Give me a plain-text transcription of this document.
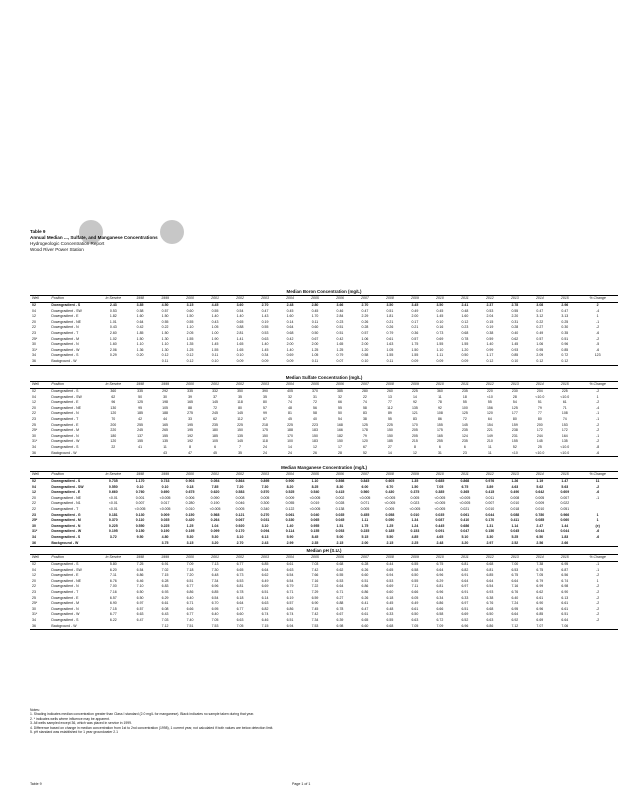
Table 9
Annual Median ..., Sulfate, and Manganese Concentrations
Hydrogeologic Concentration Report
Wood River Power Station
Median Boron Concentration (mg/L)
Well	Position	In Service	1998	1999	2000	2001	2002	2003	2004	2005	2006	2007	2008	2009	2010	2011	2012	2013	2014	2015	% Change
02	Downgradient - S	2.43	3.85	4.50	3.15	4.45	3.60	2.70	2.48	2.80	3.66	2.70	3.50	3.45	3.50	2.41	2.37	2.78	3.08	2.96	2
04	Downgradient - SW	0.53	0.58	0.57	0.60	0.55	0.54	0.47	0.45	0.45	0.46	0.47	0.51	0.49	0.45	0.48	0.53	0.55	0.47	0.47	-4
12	Downgradient - E	1.82	1.60	1.50	1.50	1.40	1.40	1.43	1.60	1.70	2.84	2.29	1.81	2.00	1.45	1.60	2.04	2.20	3.12	3.13	1
20	Downgradient - NE	1.01	0.64	0.55	0.55	0.43	0.65	0.19	0.14	0.11	0.23	0.26	0.21	0.17	0.10	0.12	0.15	0.31	0.22	0.25	-1
22	Downgradient - N	0.43	0.42	0.22	1.10	1.05	0.88	0.55	0.64	0.60	0.51	0.28	0.26	0.21	0.16	0.23	0.19	0.28	0.27	0.30	-2
23	Downgradient - T	2.60	1.85	1.50	2.05	1.00	2.81	0.53	0.68	0.50	0.51	0.57	0.79	0.36	0.73	0.68	0.38	0.40	0.49	0.35	-6
25*	Downgradient - M	1.02	1.50	1.30	1.55	1.90	1.41	0.63	0.42	0.67	0.42	1.06	0.61	0.57	0.69	0.78	0.59	0.62	0.57	0.51	-2
30	Downgradient - N	1.60	1.10	1.10	1.35	1.45	1.65	1.40	2.00	2.00	1.65	2.00	1.63	1.75	1.55	1.55	1.40	1.45	1.06	0.96	-5
31*	Downgradient - W	2.06	1.36	1.30	1.25	1.55	1.65	1.45	1.40	1.25	1.25	1.20	1.05	1.50	1.10	1.20	0.99	0.93	0.95	0.85	-6
34	Downgradient - S	0.29	0.20	0.12	0.12	0.11	0.10	0.34	0.69	1.05	0.79	0.58	1.55	1.55	1.11	0.50	1.17	0.85	2.09	0.72	123
36	Background - W			0.11	0.12	0.10	0.09	0.09	0.09	0.11	0.07	0.10	0.11	0.09	0.09	0.09	0.12	0.10	0.12	0.12	
Median Sulfate Concentration (mg/L)
Well	Position	In Service	1998	1999	2000	2001	2002	2003	2004	2005	2006	2007	2008	2009	2010	2011	2012	2013	2014	2015	% Change
02	Downgradient - S	360	335	292	335	332	350	390	405	370	385	280	260	225	360	235	220	230	204	225	-2
04	Downgradient - SW	62	50	30	39	37	35	35	32	31	32	22	13	14	11	18	<10	28	<10.0	<10.0	1
12	Downgradient - E	96	125	198	165	145	118	80	74	72	66	74	77	92	78	55	55	54	51	61	-2
20	Downgradient - NE	130	95	105	88	72	80	57	48	56	55	58	112	135	92	100	156	125	79	71	-4
22	Downgradient - N	120	185	188	275	245	145	99	81	58	50	83	89	121	108	125	120	177	77	108	-1
23	Downgradient - T	70	42	44	33	62	112	67	45	40	54	38	55	83	86	72	64	80	80	74	-1
25	Downgradient - E	200	255	165	195	235	225	218	225	223	168	125	225	170	155	145	154	159	200	153	-2
25*	Downgradient - M	220	245	265	195	180	150	175	188	183	166	178	150	205	175	235	221	238	172	172	-2
30	Downgradient - N	180	137	155	192	185	135	150	170	150	182	79	150	205	165	124	149	231	244	164	-1
31*	Downgradient - W	120	155	135	192	105	145	118	100	183	150	120	185	215	255	235	210	155	145	135	-2
34	Downgradient - S	22	41	11	8	6	7	24	14	12	17	67	27	8	6	6	11	52	25	<10.0	-8
36	Background - W			43	47	45	35	24	24	26	28	52	14	12	31	23	11	<10	<10.0	<10.0	-6
Median Manganese Concentration (mg/L)
Well	Position	In Service	1998	1999	2000	2001	2002	2003	2004	2005	2006	2007	2008	2009	2010	2011	2012	2013	2014	2015	% Change
02	Downgradient - S	0.735	1.170	0.733	0.903	0.054	0.864	0.895	0.900	1.10	0.898	0.845	0.605	1.35	0.685	0.868	0.976	1.26	1.19	1.47	11
04	Downgradient - SW	0.550	0.10	0.10	0.18	7.85	7.20	7.30	8.20	8.25	8.30	6.00	6.70	1.50	7.05	6.75	3.89	4.63	5.62	5.63	-2
12	Downgradient - E	0.660	0.760	0.690	0.675	0.620	0.583	0.570	0.525	0.540	0.415	0.560	0.430	0.375	0.385	0.365	0.415	0.490	0.642	0.609	-6
20	Downgradient - NE	<0.01	0.001	<0.005	0.006	0.090	0.008	0.005	0.009	<0.005	0.002	<0.005	<0.005	0.005	<0.005	<0.005	0.011	0.008	0.005	0.007	-1
22	Downgradient - N1	<0.01	0.007	0.017	0.280	0.190	0.046	0.300	0.055	0.019	0.028	0.071	<0.005	0.023	<0.005	<0.005	0.007	0.010	0.009	0.022	
22	Downgradient - T	<0.01	<0.005	<0.005	0.010	<0.005	0.005	0.340	0.122	<0.005	0.138	0.005	0.005	<0.005	<0.005	0.021	0.010	0.018	0.010	0.051	
23	Downgradient - G	0.181	0.130	0.009	0.150	0.568	0.121	0.270	0.061	0.040	0.035	0.455	0.058	0.010	0.035	0.061	0.044	0.088	0.780	0.966	1
25*	Downgradient - M	0.370	0.110	0.035	0.420	0.264	0.067	0.031	0.330	0.065	0.045	1.11	0.050	1.34	0.087	0.410	0.170	0.411	0.085	0.060	1
30	Downgradient - N	0.225	0.550	0.225	1.25	1.04	0.920	3.10	1.40	0.955	1.51	1.75	1.25	1.24	0.445	0.686	1.31	1.14	2.47	1.44	(e)
31*	Downgradient - W	0.195	0.150	0.190	0.195	0.099	0.170	0.094	0.114	0.155	0.053	0.235	0.185	0.153	0.091	0.047	0.150	0.045	0.044	0.044	-6
34	Downgradient - S	3.72	9.50	4.80	5.30	5.30	3.10	6.13	5.90	8.45	5.00	5.15	5.50	4.85	4.65	5.10	3.30	5.25	6.50	1.83	-6
36	Background - W			3.75	3.15	3.20	2.70	2.43	2.99	2.35	2.15	2.00	2.15	2.25	2.48	3.20	2.97	2.52	2.56	2.66	
Median pH (S.U.)
Well	Position	In Service	1998	1999	2000	2001	2002	2003	2004	2005	2006	2007	2008	2009	2010	2011	2012	2013	2014	2015	% Change
02	Downgradient - S	5.80	7.25	6.91	7.09	7.13	6.77	6.85	6.61	7.03	6.68	6.28	6.44	6.55	6.75	6.81	6.68	7.00	7.38	6.95	-1
04	Downgradient - SW	6.20	6.54	7.02	7.18	7.30	6.65	6.64	6.63	7.42	6.62	6.26	6.65	6.58	6.64	6.82	6.81	6.53	6.75	6.87	-1
12	Downgradient - E	7.11	6.86	7.15	7.20	6.48	6.73	6.62	6.54	7.66	6.55	6.60	6.94	6.50	6.96	6.91	6.85	6.75	7.05	6.56	-2
20	Downgradient - NE	6.76	6.46	6.28	6.51	7.34	6.53	6.49	6.54	7.16	6.53	6.51	6.53	6.55	6.29	6.64	6.64	6.64	6.79	6.74	1
22	Downgradient - N	7.00	7.10	6.83	6.77	6.96	6.81	6.69	6.79	7.22	6.64	6.86	6.69	7.11	6.81	6.97	6.54	7.16	6.99	6.98	-2
23	Downgradient - T	7.16	6.50	6.93	6.86	6.85	6.78	6.51	6.71	7.29	6.71	6.86	6.60	6.66	6.96	6.91	6.93	6.76	6.62	6.90	-2
25	Downgradient - E	6.57	6.50	6.29	6.40	6.54	6.18	6.14	6.19	6.59	6.27	6.26	6.18	6.05	6.34	6.33	6.38	6.40	6.61	6.13	-2
25*	Downgradient - M	6.90	6.97	6.61	6.71	6.70	6.64	6.63	6.57	6.90	6.88	6.41	6.45	6.49	6.86	6.97	6.76	7.24	6.90	6.61	-2
30	Downgradient - N	7.15	6.57	6.08	6.66	6.95	6.77	6.82	6.86	7.45	6.78	6.47	6.48	6.61	6.66	6.51	6.68	6.95	6.96	6.61	-2
31*	Downgradient - W	6.77	6.63	6.43	6.77	6.40	6.60	6.74	6.74	7.42	6.67	6.61	6.33	6.50	6.58	6.69	6.50	6.64	6.85	6.51	-2
34	Downgradient - S	6.22	6.47	7.03	7.40	7.05	6.63	6.46	6.51	7.34	6.39	6.65	6.55	6.63	6.72	6.52	6.63	6.92	6.69	6.64	-2
36	Background - W			7.12	7.51	7.53	7.05	7.15	6.94	7.53	6.98	6.60	6.68	7.05	7.09	6.96	6.86	7.12	7.07	7.06	
Notes:
1. Shading indicates median concentration greater than Class I standard (2.0 mg/L for manganese). Black indicates no sample taken during that year.
2. * indicates wells where influence may be apparent.
3. All wells sampled except 36, which was placed in service in 1999.
4. Difference based on change in median concentration from 1st to 2nd concentration (1998), 1 current year, not calculated if both values are below detection limit.
5. pH standard was established for 1 year groundwater 2.1
Table 9	Page 1 of 1
